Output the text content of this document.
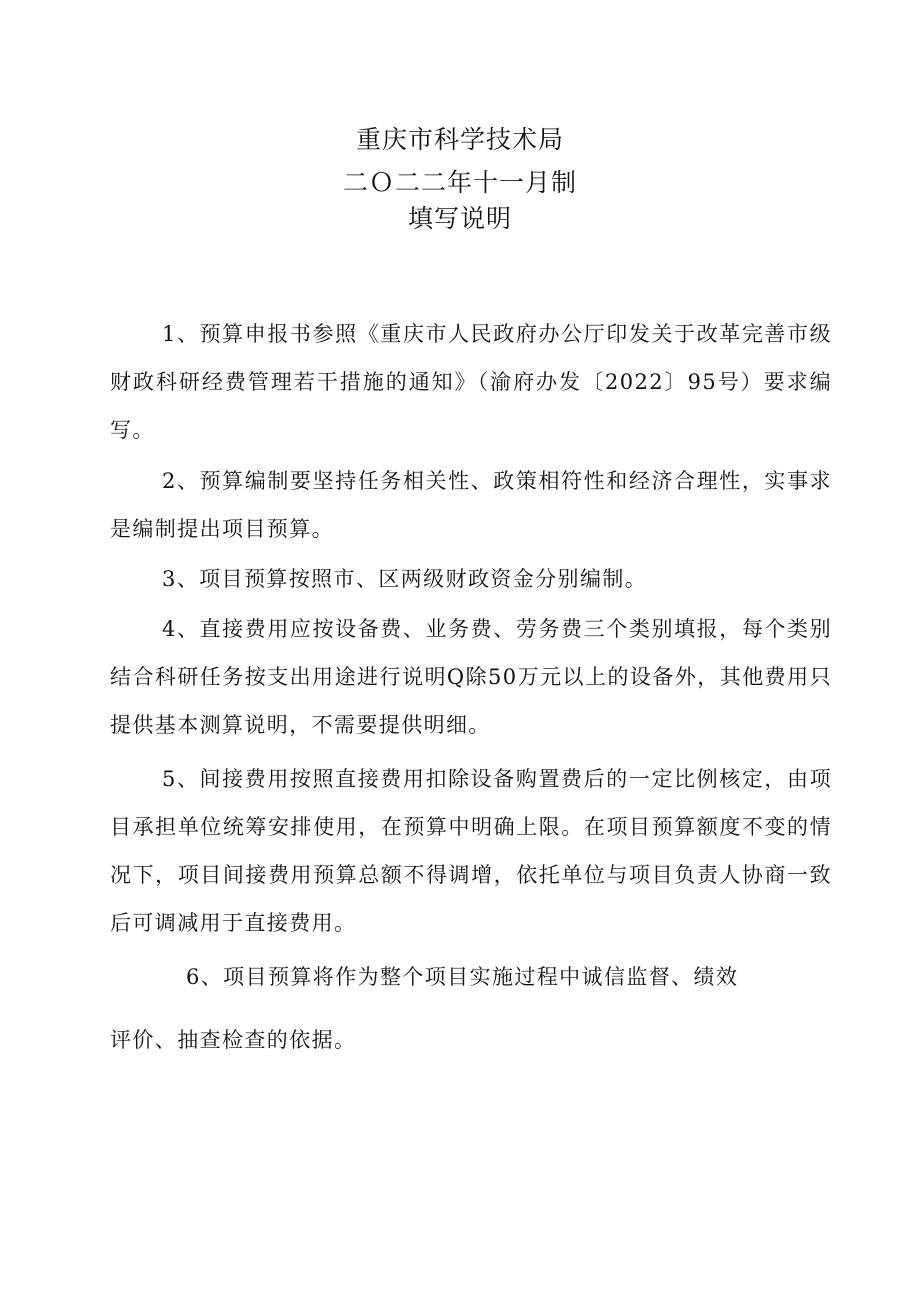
重庆市科学技术局
二Ｏ二二年十一月制
填写说明

1、预算申报书参照《重庆市人民政府办公厅印发关于改革完善市级财政科研经费管理若干措施的通知》（渝府办发〔2022〕95号）要求编写。

2、预算编制要坚持任务相关性、政策相符性和经济合理性，实事求是编制提出项目预算。

3、项目预算按照市、区两级财政资金分别编制。

4、直接费用应按设备费、业务费、劳务费三个类别填报，每个类别结合科研任务按支出用途进行说明Q除50万元以上的设备外，其他费用只提供基本测算说明，不需要提供明细。

5、间接费用按照直接费用扣除设备购置费后的一定比例核定，由项目承担单位统筹安排使用，在预算中明确上限。在项目预算额度不变的情况下，项目间接费用预算总额不得调增，依托单位与项目负责人协商一致后可调减用于直接费用。

6、项目预算将作为整个项目实施过程中诚信监督、绩效
评价、抽查检查的依据。
